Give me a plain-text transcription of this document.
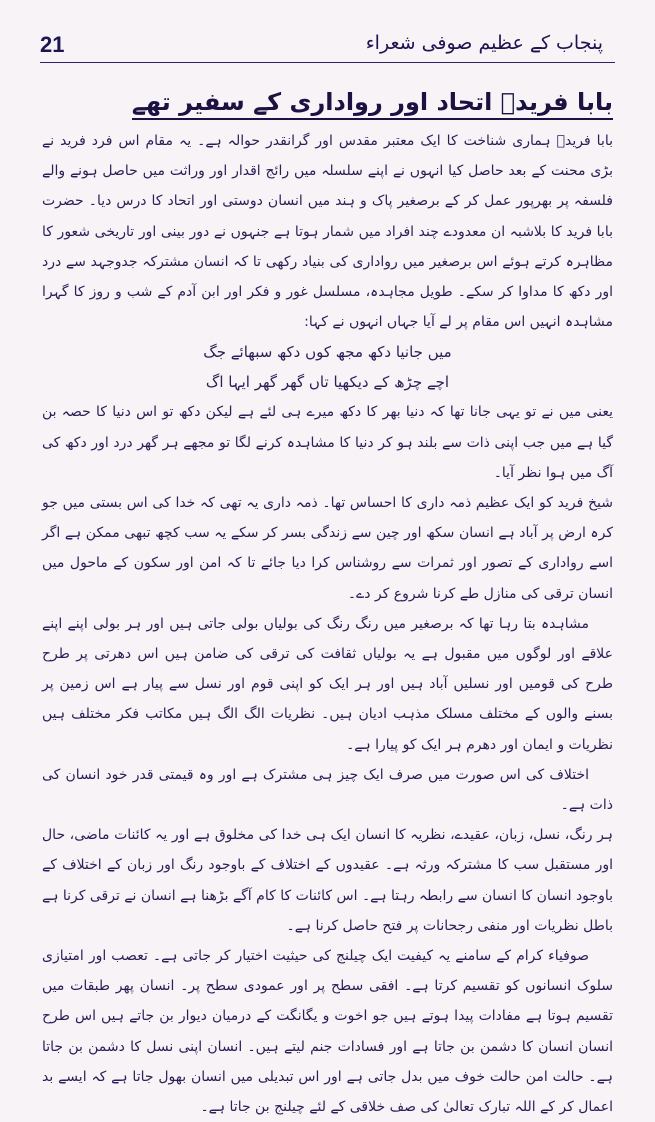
21	پنجاب کے عظیم صوفی شعراء
بابا فریدؒ اتحاد اور رواداری کے سفیر تھے

بابا فریدؒ ہماری شناخت کا ایک معتبر مقدس اور گرانقدر حوالہ ہے۔ یہ مقام اس فرد فرید نے بڑی محنت کے بعد حاصل کیا انہوں نے اپنے سلسلہ میں رائج اقدار اور وراثت میں حاصل ہونے والے فلسفہ پر بھرپور عمل کر کے برصغیر پاک و ہند میں انسان دوستی اور اتحاد کا درس دیا۔ حضرت بابا فرید کا بلاشبہ ان معدودے چند افراد میں شمار ہوتا ہے جنہوں نے دور بینی اور تاریخی شعور کا مظاہرہ کرتے ہوئے اس برصغیر میں رواداری کی بنیاد رکھی تا کہ انسان مشترکہ جدوجہد سے درد اور دکھ کا مداوا کر سکے۔ طویل مجاہدہ، مسلسل غور و فکر اور ابن آدم کے شب و روز کا گہرا مشاہدہ انہیں اس مقام پر لے آیا جہاں انہوں نے کہا:

میں جانیا دکھ مجھ کوں دکھ سبھائے جگ

اچے چڑھ کے دیکھیا تاں گھر گھر ایہا اگ

یعنی میں نے تو یہی جانا تھا کہ دنیا بھر کا دکھ میرے ہی لئے ہے لیکن دکھ تو اس دنیا کا حصہ بن گیا ہے میں جب اپنی ذات سے بلند ہو کر دنیا کا مشاہدہ کرنے لگا تو مجھے ہر گھر درد اور دکھ کی آگ میں ہوا نظر آیا۔

شیخ فرید کو ایک عظیم ذمہ داری کا احساس تھا۔ ذمہ داری یہ تھی کہ خدا کی اس بستی میں جو کرہ ارض پر آباد ہے انسان سکھ اور چین سے زندگی بسر کر سکے یہ سب کچھ تبھی ممکن ہے اگر اسے رواداری کے تصور اور ثمرات سے روشناس کرا دیا جائے تا کہ امن اور سکون کے ماحول میں انسان ترقی کی منازل طے کرنا شروع کر دے۔

مشاہدہ بتا رہا تھا کہ برصغیر میں رنگ رنگ کی بولیاں بولی جاتی ہیں اور ہر بولی اپنے اپنے علاقے اور لوگوں میں مقبول ہے یہ بولیاں ثقافت کی ترقی کی ضامن ہیں اس دھرتی پر طرح طرح کی قومیں اور نسلیں آباد ہیں اور ہر ایک کو اپنی قوم اور نسل سے پیار ہے اس زمین پر بسنے والوں کے مختلف مسلک مذہب ادیان ہیں۔ نظریات الگ الگ ہیں مکاتب فکر مختلف ہیں نظریات و ایمان اور دھرم ہر ایک کو پیارا ہے۔

اختلاف کی اس صورت میں صرف ایک چیز ہی مشترک ہے اور وہ قیمتی قدر خود انسان کی ذات ہے۔

ہر رنگ، نسل، زبان، عقیدے، نظریہ کا انسان ایک ہی خدا کی مخلوق ہے اور یہ کائنات ماضی، حال اور مستقبل سب کا مشترکہ ورثہ ہے۔ عقیدوں کے اختلاف کے باوجود رنگ اور زبان کے اختلاف کے باوجود انسان کا انسان سے رابطہ رہتا ہے۔ اس کائنات کا کام آگے بڑھنا ہے انسان نے ترقی کرنا ہے باطل نظریات اور منفی رجحانات پر فتح حاصل کرنا ہے۔

صوفیاء کرام کے سامنے یہ کیفیت ایک چیلنج کی حیثیت اختیار کر جاتی ہے۔ تعصب اور امتیازی سلوک انسانوں کو تقسیم کرتا ہے۔ افقی سطح پر اور عمودی سطح پر۔ انسان پھر طبقات میں تقسیم ہوتا ہے مفادات پیدا ہوتے ہیں جو اخوت و یگانگت کے درمیان دیوار بن جاتے ہیں اس طرح انسان انسان کا دشمن بن جاتا ہے اور فسادات جنم لیتے ہیں۔ انسان اپنی نسل کا دشمن بن جاتا ہے۔ حالت امن حالت خوف میں بدل جاتی ہے اور اس تبدیلی میں انسان بھول جاتا ہے کہ ایسے بد اعمال کر کے اللہ تبارک تعالیٰ کی صف خلاقی کے لئے چیلنج بن جاتا ہے۔
